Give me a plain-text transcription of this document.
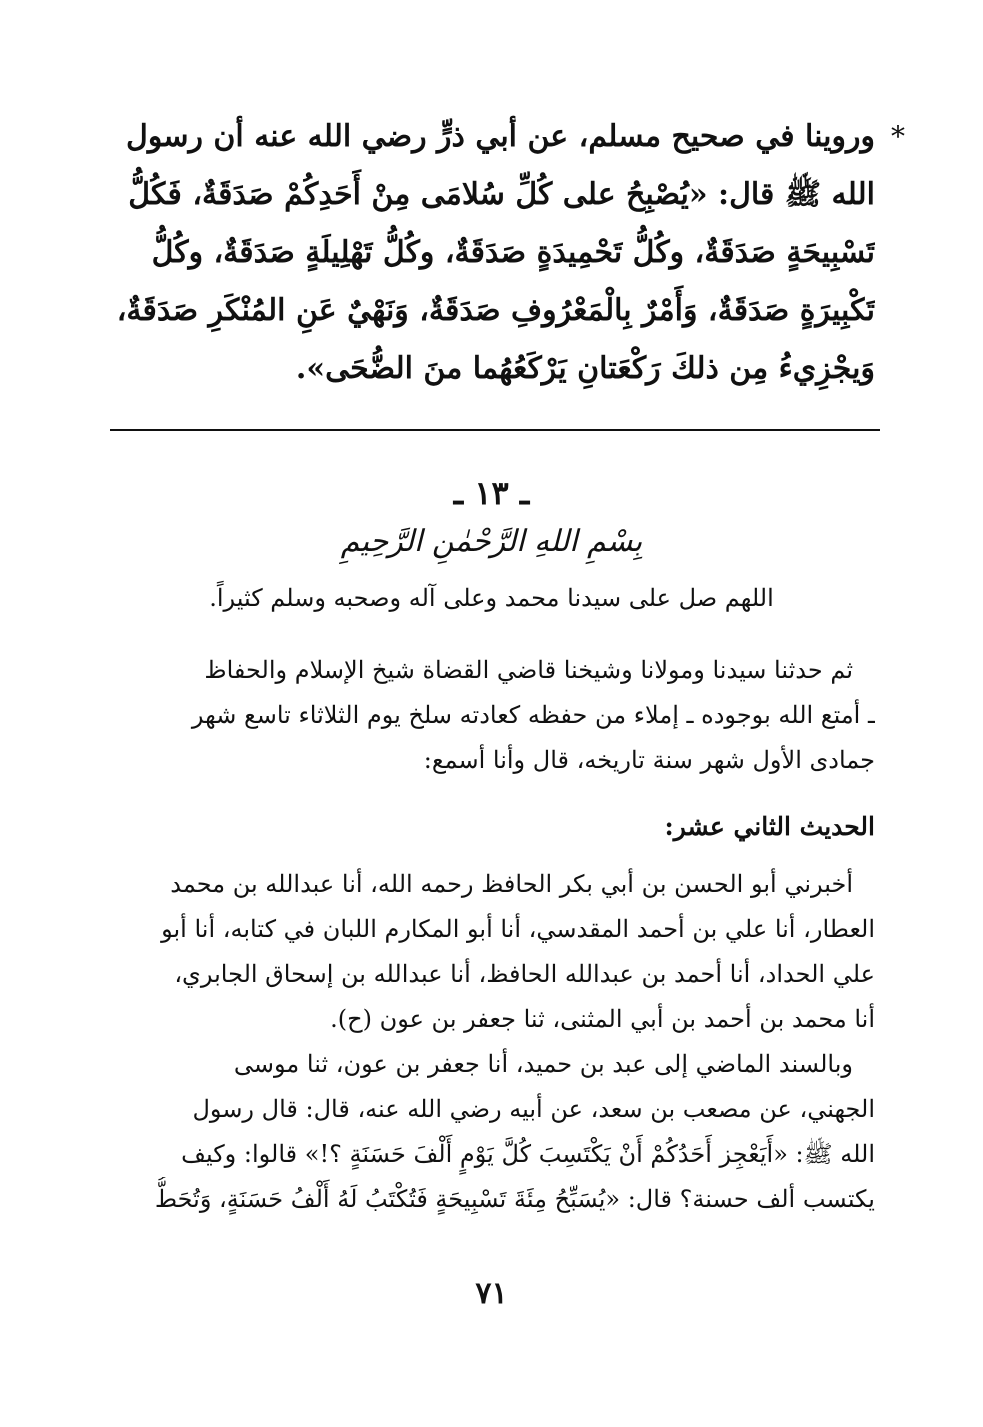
*
وروينا في صحيح مسلم، عن أبي ذرٍّ رضي الله عنه أن رسول
الله ﷺ قال: «يُصْبِحُ على كُلِّ سُلامَى مِنْ أَحَدِكُمْ صَدَقَةٌ، فَكُلُّ
تَسْبِيحَةٍ صَدَقَةٌ، وكُلُّ تَحْمِيدَةٍ صَدَقَةٌ، وكُلُّ تَهْلِيلَةٍ صَدَقَةٌ، وكُلُّ
تَكْبِيرَةٍ صَدَقَةٌ، وَأَمْرٌ بِالْمَعْرُوفِ صَدَقَةٌ، وَنَهْيٌ عَنِ المُنْكَرِ صَدَقَةٌ،
وَيجْزِيءُ مِن ذلكَ رَكْعَتانِ يَرْكَعُهُما منَ الضُّحَى».
ـ ١٣ ـ
بِسْمِ اللهِ الرَّحْمٰنِ الرَّحِيمِ
اللهم صل على سيدنا محمد وعلى آله وصحبه وسلم كثيراً.
ثم حدثنا سيدنا ومولانا وشيخنا قاضي القضاة شيخ الإسلام والحفاظ
ـ أمتع الله بوجوده ـ إملاء من حفظه كعادته سلخ يوم الثلاثاء تاسع شهر
جمادى الأول شهر سنة تاريخه، قال وأنا أسمع:
الحديث الثاني عشر:
أخبرني أبو الحسن بن أبي بكر الحافظ رحمه الله، أنا عبدالله بن محمد
العطار، أنا علي بن أحمد المقدسي، أنا أبو المكارم اللبان في كتابه، أنا أبو
علي الحداد، أنا أحمد بن عبدالله الحافظ، أنا عبدالله بن إسحاق الجابري،
أنا محمد بن أحمد بن أبي المثنى، ثنا جعفر بن عون (ح).
وبالسند الماضي إلى عبد بن حميد، أنا جعفر بن عون، ثنا موسى
الجهني، عن مصعب بن سعد، عن أبيه رضي الله عنه، قال: قال رسول
الله ﷺ: «أَيَعْجِز أَحَدُكُمْ أَنْ يَكْتَسِبَ كُلَّ يَوْمٍ أَلْفَ حَسَنَةٍ ؟!» قالوا: وكيف
يكتسب ألف حسنة؟ قال: «يُسَبِّحُ مِئَةَ تَسْبِيحَةٍ فَتُكْتَبُ لَهُ أَلْفُ حَسَنَةٍ، وَتُحَطُّ
٧١
